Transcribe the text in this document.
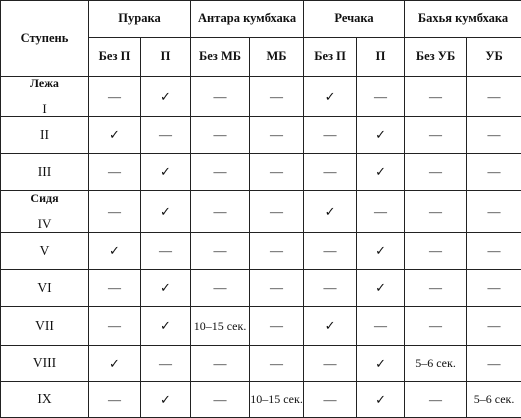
Ступень	Пурака		Антара кумбхака		Речака		Бахья кумбхака	
	Без П	П	Без МБ	МБ	Без П	П	Без УБ	УБ

Лежа
I	—	✓	—	—	✓	—	—	—
II	✓	—	—	—	—	✓	—	—
III	—	✓	—	—	—	✓	—	—

Сидя
IV	—	✓	—	—	✓	—	—	—
V	✓	—	—	—	—	✓	—	—
VI	—	✓	—	—	—	✓	—	—
VII	—	✓	10–15 сек.	—	✓	—	—	—
VIII	✓	—	—	—	—	✓	5–6 сек.	—
IX	—	✓	—	10–15 сек.	—	✓	—	5–6 сек.
